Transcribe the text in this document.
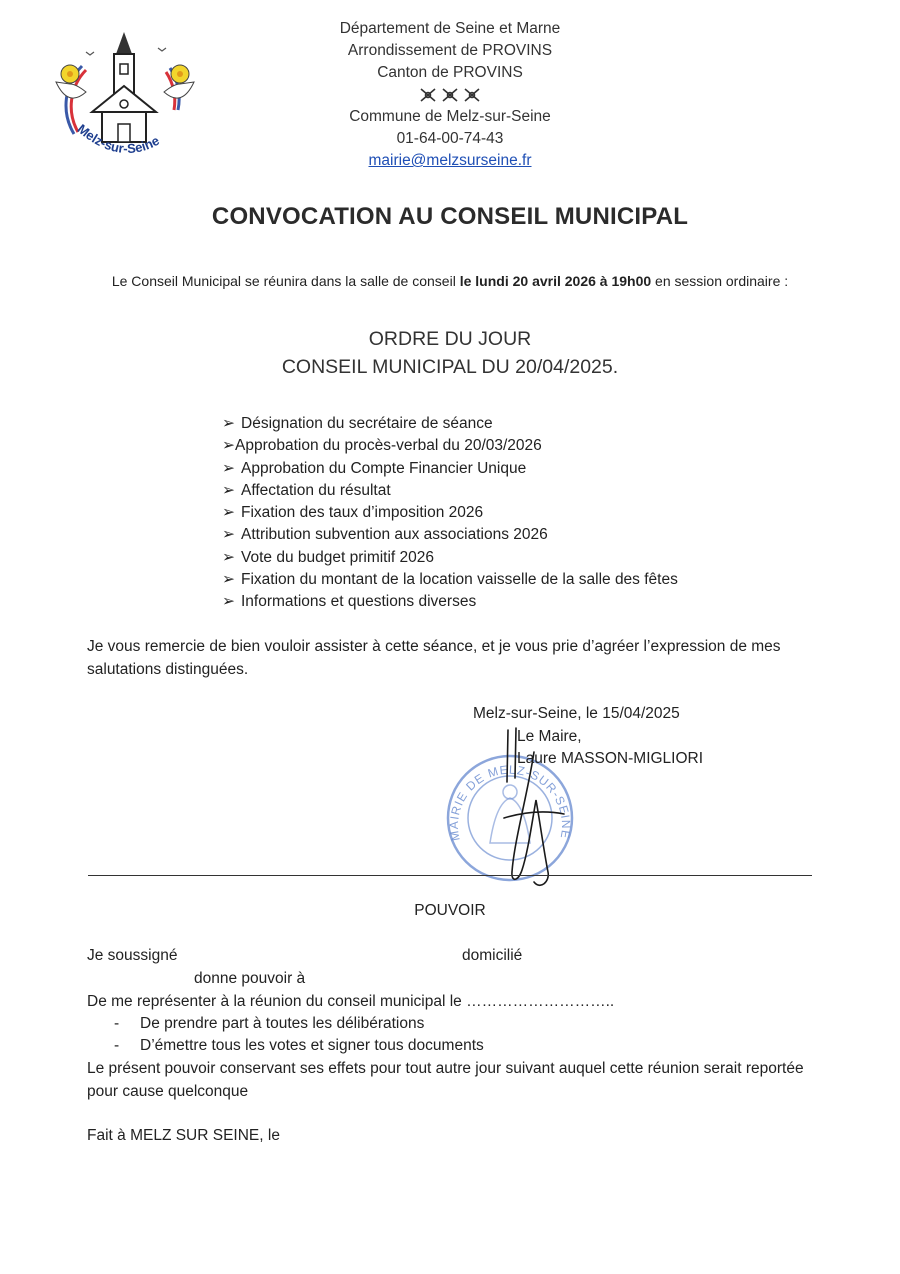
Melz-sur-Seine
Département de Seine et Marne
Arrondissement de PROVINS
Canton de PROVINS
Commune de Melz-sur-Seine
01-64-00-74-43
mairie@melzsurseine.fr
CONVOCATION AU CONSEIL MUNICIPAL
Le Conseil Municipal se réunira dans la salle de conseil le lundi 20 avril 2026 à 19h00 en session ordinaire :
ORDRE DU JOUR
CONSEIL MUNICIPAL DU 20/04/2025.
➢ Désignation du secrétaire de séance
➢Approbation du procès-verbal du 20/03/2026
➢ Approbation du Compte Financier Unique
➢ Affectation du résultat
➢ Fixation des taux d’imposition 2026
➢ Attribution subvention aux associations 2026
➢ Vote du budget primitif 2026
➢ Fixation du montant de la location vaisselle de la salle des fêtes
➢ Informations et questions diverses
Je vous remercie de bien vouloir assister à cette séance, et je vous prie d’agréer l’expression de mes salutations distinguées.
MAIRIE DE MELZ-SUR-SEINE
Melz-sur-Seine, le 15/04/2025
Le Maire,
Laure MASSON-MIGLIORI
POUVOIR
Je soussigné	domicilié
donne pouvoir à
De me représenter à la réunion du conseil municipal le ………………………..
- De prendre part à toutes les délibérations
- D’émettre tous les votes et signer tous documents
Le présent pouvoir conservant ses effets pour tout autre jour suivant auquel cette réunion serait reportée pour cause quelconque
Fait à MELZ SUR SEINE, le
